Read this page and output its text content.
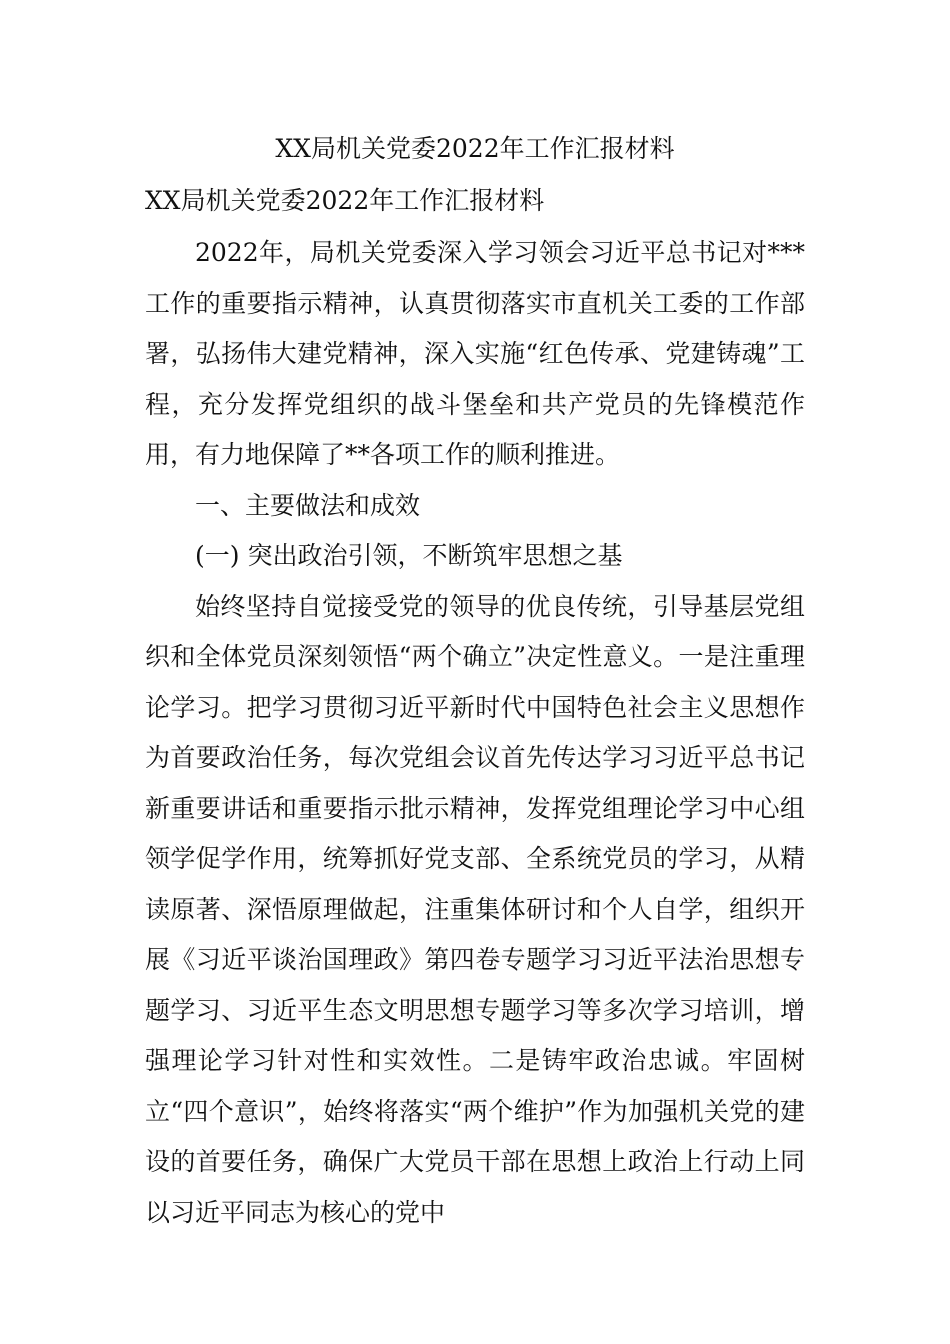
XX局机关党委2022年工作汇报材料

XX局机关党委2022年工作汇报材料

2022年，局机关党委深入学习领会习近平总书记对***工作的重要指示精神，认真贯彻落实市直机关工委的工作部署，弘扬伟大建党精神，深入实施“红色传承、党建铸魂”工程，充分发挥党组织的战斗堡垒和共产党员的先锋模范作用，有力地保障了**各项工作的顺利推进。

一、主要做法和成效

(一) 突出政治引领，不断筑牢思想之基

始终坚持自觉接受党的领导的优良传统，引导基层党组织和全体党员深刻领悟“两个确立”决定性意义。一是注重理论学习。把学习贯彻习近平新时代中国特色社会主义思想作为首要政治任务，每次党组会议首先传达学习习近平总书记新重要讲话和重要指示批示精神，发挥党组理论学习中心组领学促学作用，统筹抓好党支部、全系统党员的学习，从精读原著、深悟原理做起，注重集体研讨和个人自学，组织开展《习近平谈治国理政》第四卷专题学习习近平法治思想专题学习、习近平生态文明思想专题学习等多次学习培训，增强理论学习针对性和实效性。二是铸牢政治忠诚。牢固树立“四个意识”，始终将落实“两个维护”作为加强机关党的建设的首要任务，确保广大党员干部在思想上政治上行动上同以习近平同志为核心的党中
